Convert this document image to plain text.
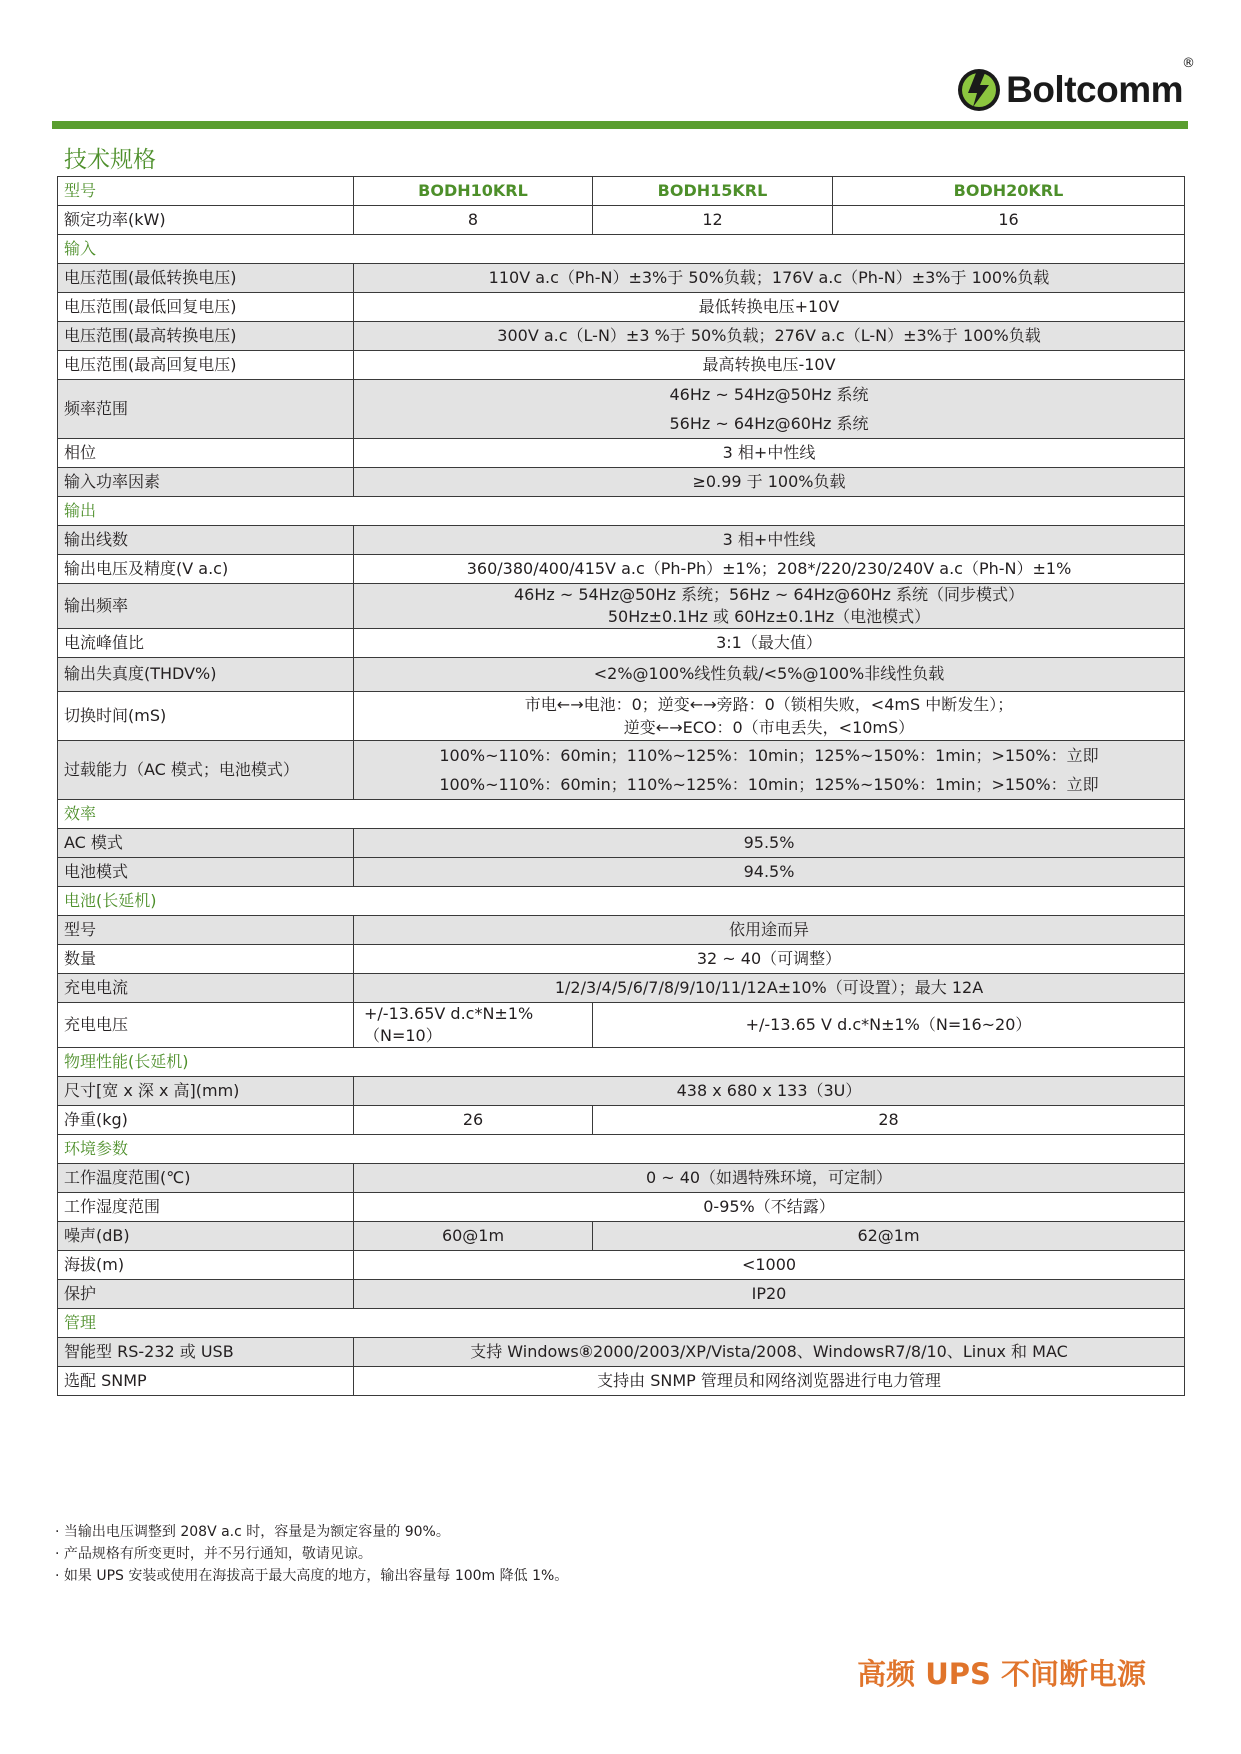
Boltcomm
®
技术规格
型号	BODH10KRL	BODH15KRL	BODH20KRL
额定功率(kW)	8	12	16
输入			
电压范围(最低转换电压)	110V a.c（Ph-N）±3%于 50%负载；176V a.c（Ph-N）±3%于 100%负载		
电压范围(最低回复电压)	最低转换电压+10V		
电压范围(最高转换电压)	300V a.c（L-N）±3 %于 50%负载；276V a.c（L-N）±3%于 100%负载		
电压范围(最高回复电压)	最高转换电压-10V		
频率范围	46Hz ~ 54Hz@50Hz 系统
56Hz ~ 64Hz@60Hz 系统		

相位	3 相+中性线		
输入功率因素	≥0.99 于 100%负载		
输出			
输出线数	3 相+中性线		
输出电压及精度(V a.c)	360/380/400/415V a.c（Ph-Ph）±1%；208*/220/230/240V a.c（Ph-N）±1%		
输出频率	46Hz ~ 54Hz@50Hz 系统；56Hz ~ 64Hz@60Hz 系统（同步模式）
50Hz±0.1Hz 或 60Hz±0.1Hz（电池模式）		

电流峰值比	3:1（最大值）		
输出失真度(THDV%)	<2%@100%线性负载/<5%@100%非线性负载		
切换时间(mS)	市电←→电池：0；逆变←→旁路：0（锁相失败，<4mS 中断发生）；
逆变←→ECO：0（市电丢失，<10mS）		

过载能力（AC 模式；电池模式）	100%~110%：60min；110%~125%：10min；125%~150%：1min；>150%：立即
100%~110%：60min；110%~125%：10min；125%~150%：1min；>150%：立即		

效率			
AC 模式	95.5%		
电池模式	94.5%		
电池(长延机)			
型号	依用途而异		
数量	32 ~ 40（可调整）		
充电电流	1/2/3/4/5/6/7/8/9/10/11/12A±10%（可设置）；最大 12A		
充电电压	+/-13.65V d.c*N±1%（N=10）	+/-13.65 V d.c*N±1%（N=16~20）	
物理性能(长延机)			
尺寸[宽 x 深 x 高](mm)	438 x 680 x 133（3U）		
净重(kg)	26	28	
环境参数			
工作温度范围(℃)	0 ~ 40（如遇特殊环境，可定制）		
工作湿度范围	0-95%（不结露）		
噪声(dB)	60@1m	62@1m	
海拔(m)	<1000		
保护	IP20		
管理			
智能型 RS-232 或 USB	支持 Windows⑧2000/2003/XP/Vista/2008、WindowsR7/8/10、Linux 和 MAC		
选配 SNMP	支持由 SNMP 管理员和网络浏览器进行电力管理		
· 当输出电压调整到 208V a.c 时，容量是为额定容量的 90%。
· 产品规格有所变更时，并不另行通知，敬请见谅。
· 如果 UPS 安装或使用在海拔高于最大高度的地方，输出容量每 100m 降低 1%。
高频 UPS 不间断电源
